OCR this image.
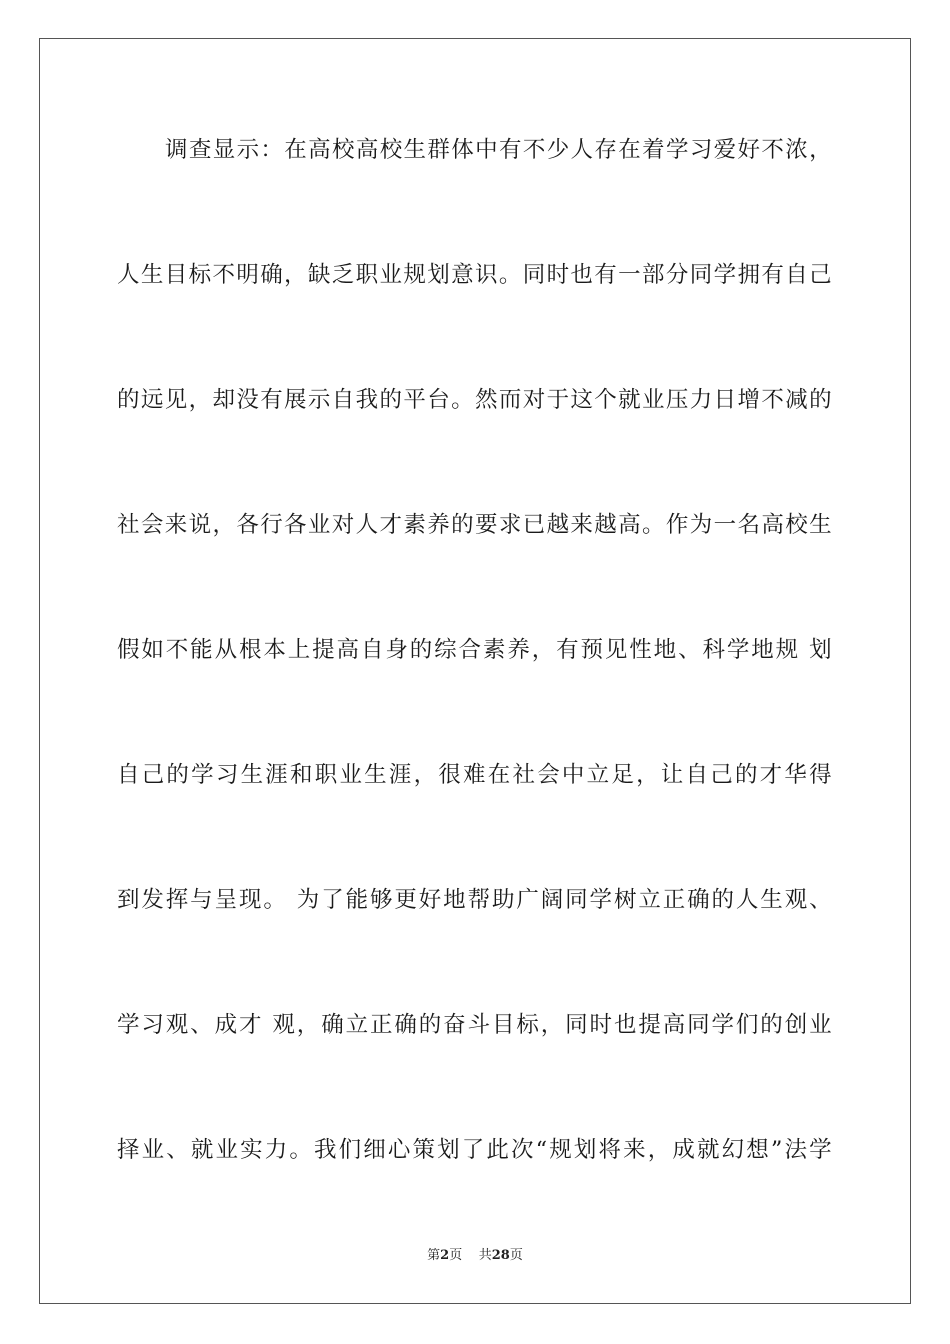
调查显示：在高校高校生群体中有不少人存在着学习爱好不浓，
人生目标不明确，缺乏职业规划意识。同时也有一部分同学拥有自己
的远见，却没有展示自我的平台。然而对于这个就业压力日增不减的
社会来说，各行各业对人才素养的要求已越来越高。作为一名高校生
假如不能从根本上提高自身的综合素养，有预见性地、科学地规 划
自己的学习生涯和职业生涯，很难在社会中立足，让自己的才华得
到发挥与呈现。 为了能够更好地帮助广阔同学树立正确的人生观、
学习观、成才 观，确立正确的奋斗目标，同时也提高同学们的创业
择业、就业实力。我们细心策划了此次“规划将来，成就幻想”法学
第2页 共28页
